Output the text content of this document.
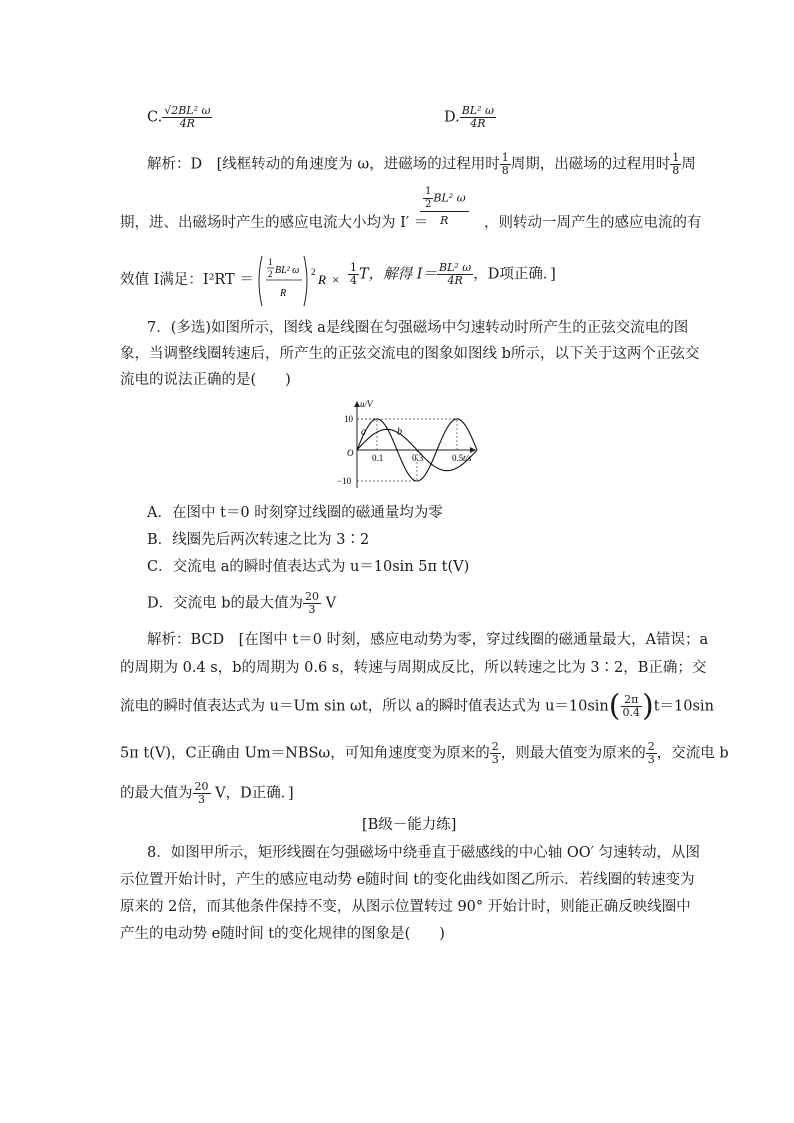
C. $\frac{\text{√2BL² ω}}{4R}$	D. $\frac{\text{BL² ω}}{4R}$
解析：D　[线框转动的角速度为 ω，进磁场的过程用时 $\frac{1}{8}$ 周期，出磁场的过程用时 $\frac{1}{8}$ 周
期，进、出磁场时产生的感应电流大小均为 I′ ＝
$\frac{1}{2} BL^2$ ω
R	，则转动一周产生的感应电流的有
效值 I满足：I²RT ＝
1
2 BL² ω
R
2 $R \times \frac{1}{4}$ T，解得 $I= \frac{\text{BL² ω}}{4R}$ ，D项正确．]
7．(多选)如图所示，图线 a是线圈在匀强磁场中匀速转动时所产生的正弦交流电的图
象，当调整线圈转速后，所产生的正弦交流电的图象如图线 b所示，以下关于这两个正弦交
流电的说法正确的是(　　)
u/V
t/s
O
10
−10
0.1	0.3	0.5
a	b
A．在图中 t＝0 时刻穿过线圈的磁通量均为零
B．线圈先后两次转速之比为 3∶2
C．交流电 a的瞬时值表达式为 u＝10sin 5π t(V)
D．交流电 b的最大值为 $\frac{20}{3}$ V
解析：BCD　[在图中 t＝0 时刻，感应电动势为零，穿过线圈的磁通量最大，A错误；a
的周期为 0.4 s，b的周期为 0.6 s，转速与周期成反比，所以转速之比为 3∶2，B正确；交
流电的瞬时值表达式为 u＝Um sin ωt，所以 a的瞬时值表达式为 $u=10\sin( \frac{2\pi}{0.4} )t=10\sin$
5π t(V)，C正确由 Um＝NBSω，可知角速度变为原来的 $\frac{2}{3}$ ，则最大值变为原来的 $\frac{2}{3}$ ，交流电 b
的最大值为 $\frac{20}{3}$ V，D正确．]
[B级－能力练]
8．如图甲所示，矩形线圈在匀强磁场中绕垂直于磁感线的中心轴 OO′ 匀速转动，从图
示位置开始计时，产生的感应电动势 e随时间 t的变化曲线如图乙所示．若线圈的转速变为
原来的 2倍，而其他条件保持不变，从图示位置转过 90° 开始计时，则能正确反映线圈中
产生的电动势 e随时间 t的变化规律的图象是(　　)
